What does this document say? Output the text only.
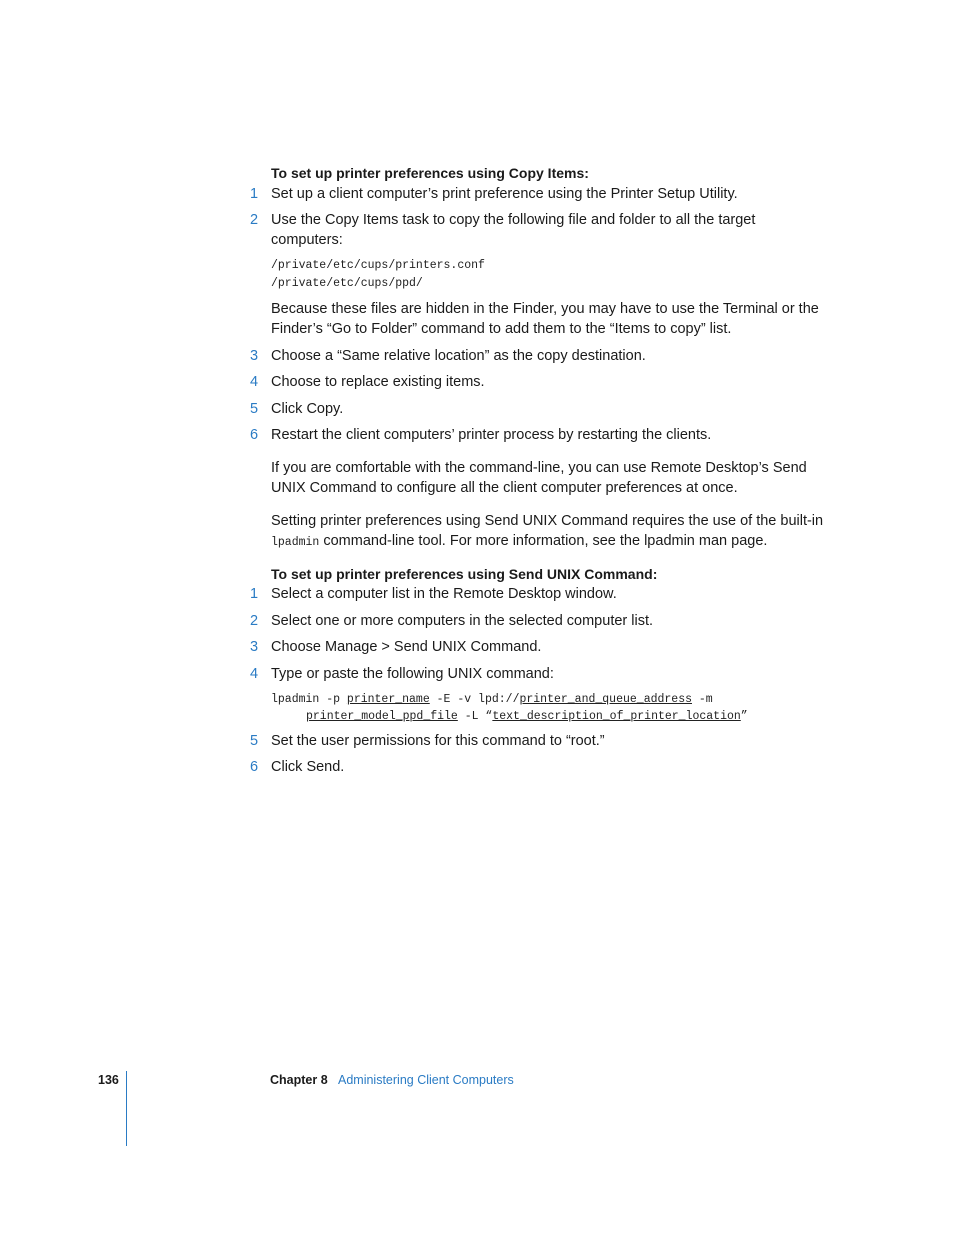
To set up printer preferences using Copy Items:
1 Set up a client computer’s print preference using the Printer Setup Utility.
2 Use the Copy Items task to copy the following file and folder to all the target computers:
/private/etc/cups/printers.conf
/private/etc/cups/ppd/
Because these files are hidden in the Finder, you may have to use the Terminal or the Finder’s “Go to Folder” command to add them to the “Items to copy” list.
3 Choose a “Same relative location” as the copy destination.
4 Choose to replace existing items.
5 Click Copy.
6 Restart the client computers’ printer process by restarting the clients.
If you are comfortable with the command-line, you can use Remote Desktop’s Send UNIX Command to configure all the client computer preferences at once.
Setting printer preferences using Send UNIX Command requires the use of the built-in
lpadmin command-line tool. For more information, see the lpadmin man page.
To set up printer preferences using Send UNIX Command:
1 Select a computer list in the Remote Desktop window.
2 Select one or more computers in the selected computer list.
3 Choose Manage > Send UNIX Command.
4 Type or paste the following UNIX command:
lpadmin -p printer_name -E -v lpd://printer_and_queue_address -m
printer_model_ppd_file -L “text_description_of_printer_location”
5 Set the user permissions for this command to “root.”
6 Click Send.
136	Chapter 8 Administering Client Computers
